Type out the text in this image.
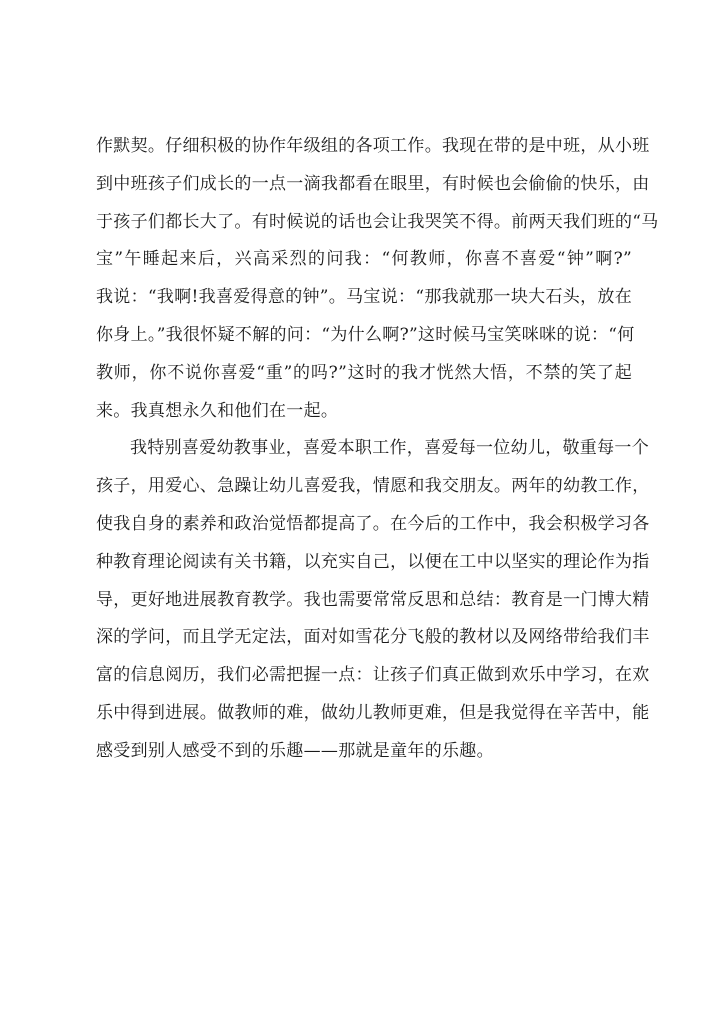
作默契。仔细积极的协作年级组的各项工作。我现在带的是中班，从小班
到中班孩子们成长的一点一滴我都看在眼里，有时候也会偷偷的快乐，由
于孩子们都长大了。有时候说的话也会让我哭笑不得。前两天我们班的“马
宝”午睡起来后，兴高采烈的问我：“何教师，你喜不喜爱“钟”啊?”
我说：“我啊!我喜爱得意的钟”。马宝说：“那我就那一块大石头，放在
你身上。”我很怀疑不解的问：“为什么啊?”这时候马宝笑咪咪的说：“何
教师，你不说你喜爱“重”的吗?”这时的我才恍然大悟，不禁的笑了起
来。我真想永久和他们在一起。
我特别喜爱幼教事业，喜爱本职工作，喜爱每一位幼儿，敬重每一个
孩子，用爱心、急躁让幼儿喜爱我，情愿和我交朋友。两年的幼教工作，
使我自身的素养和政治觉悟都提高了。在今后的工作中，我会积极学习各
种教育理论阅读有关书籍，以充实自己，以便在工中以坚实的理论作为指
导，更好地进展教育教学。我也需要常常反思和总结：教育是一门博大精
深的学问，而且学无定法，面对如雪花分飞般的教材以及网络带给我们丰
富的信息阅历，我们必需把握一点：让孩子们真正做到欢乐中学习，在欢
乐中得到进展。做教师的难，做幼儿教师更难，但是我觉得在辛苦中，能
感受到别人感受不到的乐趣——那就是童年的乐趣。
